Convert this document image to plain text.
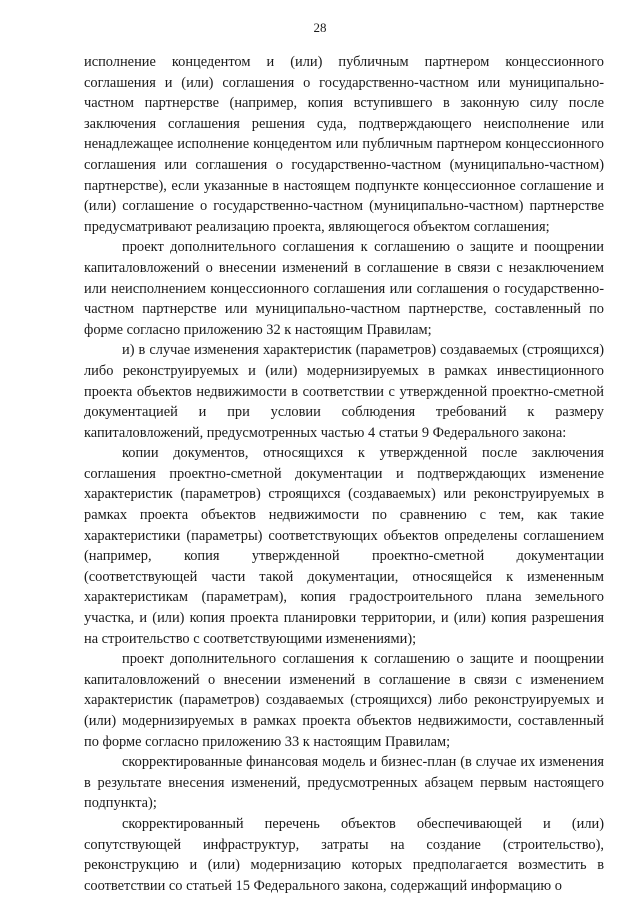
28

исполнение концедентом и (или) публичным партнером концессионного соглашения и (или) соглашения о государственно-частном или муниципально-частном партнерстве (например, копия вступившего в законную силу после заключения соглашения решения суда, подтверждающего неисполнение или ненадлежащее исполнение концедентом или публичным партнером концессионного соглашения или соглашения о государственно-частном (муниципально-частном) партнерстве), если указанные в настоящем подпункте концессионное соглашение и (или) соглашение о государственно-частном (муниципально-частном) партнерстве предусматривают реализацию проекта, являющегося объектом соглашения;

проект дополнительного соглашения к соглашению о защите и поощрении капиталовложений о внесении изменений в соглашение в связи с незаключением или неисполнением концессионного соглашения или соглашения о государственно-частном партнерстве или муниципально-частном партнерстве, составленный по форме согласно приложению 32 к настоящим Правилам;

и) в случае изменения характеристик (параметров) создаваемых (строящихся) либо реконструируемых и (или) модернизируемых в рамках инвестиционного проекта объектов недвижимости в соответствии с утвержденной проектно-сметной документацией и при условии соблюдения требований к размеру капиталовложений, предусмотренных частью 4 статьи 9 Федерального закона:

копии документов, относящихся к утвержденной после заключения соглашения проектно-сметной документации и подтверждающих изменение характеристик (параметров) строящихся (создаваемых) или реконструируемых в рамках проекта объектов недвижимости по сравнению с тем, как такие характеристики (параметры) соответствующих объектов определены соглашением (например, копия утвержденной проектно-сметной документации (соответствующей части такой документации, относящейся к измененным характеристикам (параметрам), копия градостроительного плана земельного участка, и (или) копия проекта планировки территории, и (или) копия разрешения на строительство с соответствующими изменениями);

проект дополнительного соглашения к соглашению о защите и поощрении капиталовложений о внесении изменений в соглашение в связи с изменением характеристик (параметров) создаваемых (строящихся) либо реконструируемых и (или) модернизируемых в рамках проекта объектов недвижимости, составленный по форме согласно приложению 33 к настоящим Правилам;

скорректированные финансовая модель и бизнес-план (в случае их изменения в результате внесения изменений, предусмотренных абзацем первым настоящего подпункта);

скорректированный перечень объектов обеспечивающей и (или) сопутствующей инфраструктур, затраты на создание (строительство), реконструкцию и (или) модернизацию которых предполагается возместить в соответствии со статьей 15 Федерального закона, содержащий информацию о
